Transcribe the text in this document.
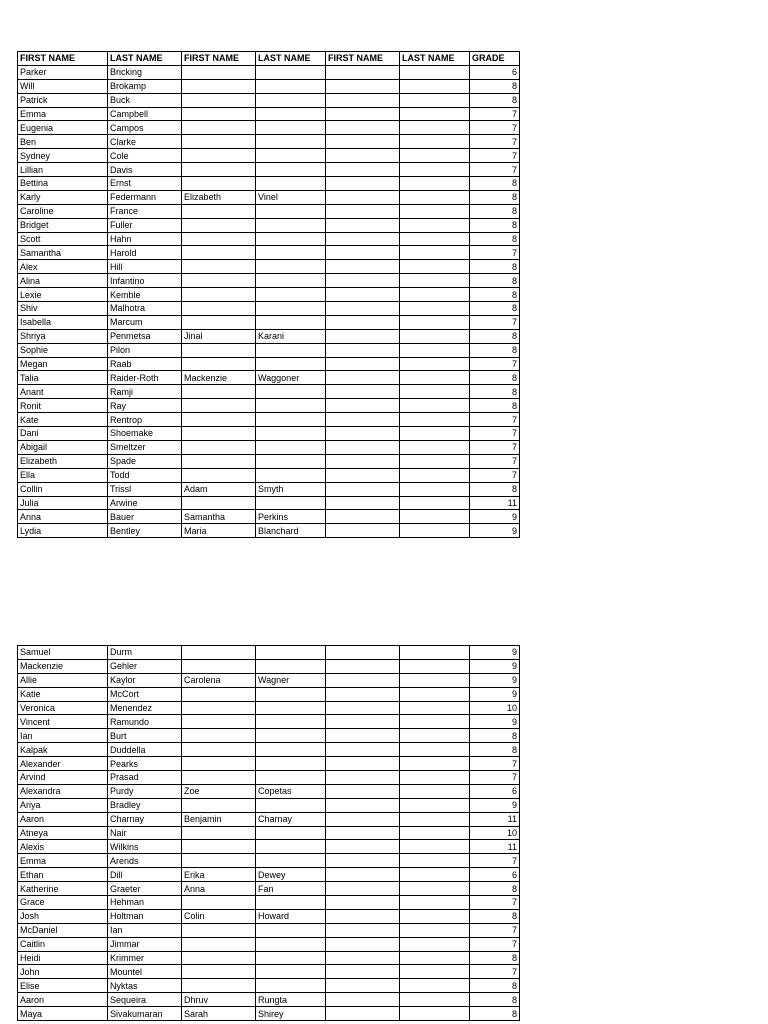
FIRST NAME	LAST NAME	FIRST NAME	LAST NAME	FIRST NAME	LAST NAME	GRADE
Parker	Bricking					6
Will	Brokamp					8
Patrick	Buck					8
Emma	Campbell					7
Eugenia	Campos					7
Ben	Clarke					7
Sydney	Cole					7
Lillian	Davis					7
Bettina	Ernst					8
Karly	Federmann	Elizabeth	Vinel			8
Caroline	France					8
Bridget	Fuller					8
Scott	Hahn					8
Samantha	Harold					7
Alex	Hill					8
Alina	Infantino					8
Lexie	Kemble					8
Shiv	Malhotra					8
Isabella	Marcum					7
Shriya	Penmetsa	Jinal	Karani			8
Sophie	Pilon					8
Megan	Raab					7
Talia	Raider-Roth	Mackenzie	Waggoner			8
Anant	Ramji					8
Ronit	Ray					8
Kate	Rentrop					7
Dani	Shoemake					7
Abigail	Smeltzer					7
Elizabeth	Spade					7
Ella	Todd					7
Collin	Trissl	Adam	Smyth			8
Julia	Arwine					11
Anna	Bauer	Samantha	Perkins			9
Lydia	Bentley	Maria	Blanchard			9
Samuel	Durm					9
Mackenzie	Gehler					9
Allie	Kaylor	Carolena	Wagner			9
Katie	McCort					9
Veronica	Menendez					10
Vincent	Ramundo					9
Ian	Burt					8
Kalpak	Duddella					8
Alexander	Pearks					7
Arvind	Prasad					7
Alexandra	Purdy	Zoe	Copetas			6
Ariya	Bradley					9
Aaron	Charnay	Benjamin	Charnay			11
Atneya	Nair					10
Alexis	Wilkins					11
Emma	Arends					7
Ethan	Dill	Erika	Dewey			6
Katherine	Graeter	Anna	Fan			8
Grace	Hehman					7
Josh	Holtman	Colin	Howard			8
McDaniel	Ian					7
Caitlin	Jimmar					7
Heidi	Krimmer					8
John	Mountel					7
Elise	Nyktas					8
Aaron	Sequeira	Dhruv	Rungta			8
Maya	Sivakumaran	Sarah	Shirey			8
